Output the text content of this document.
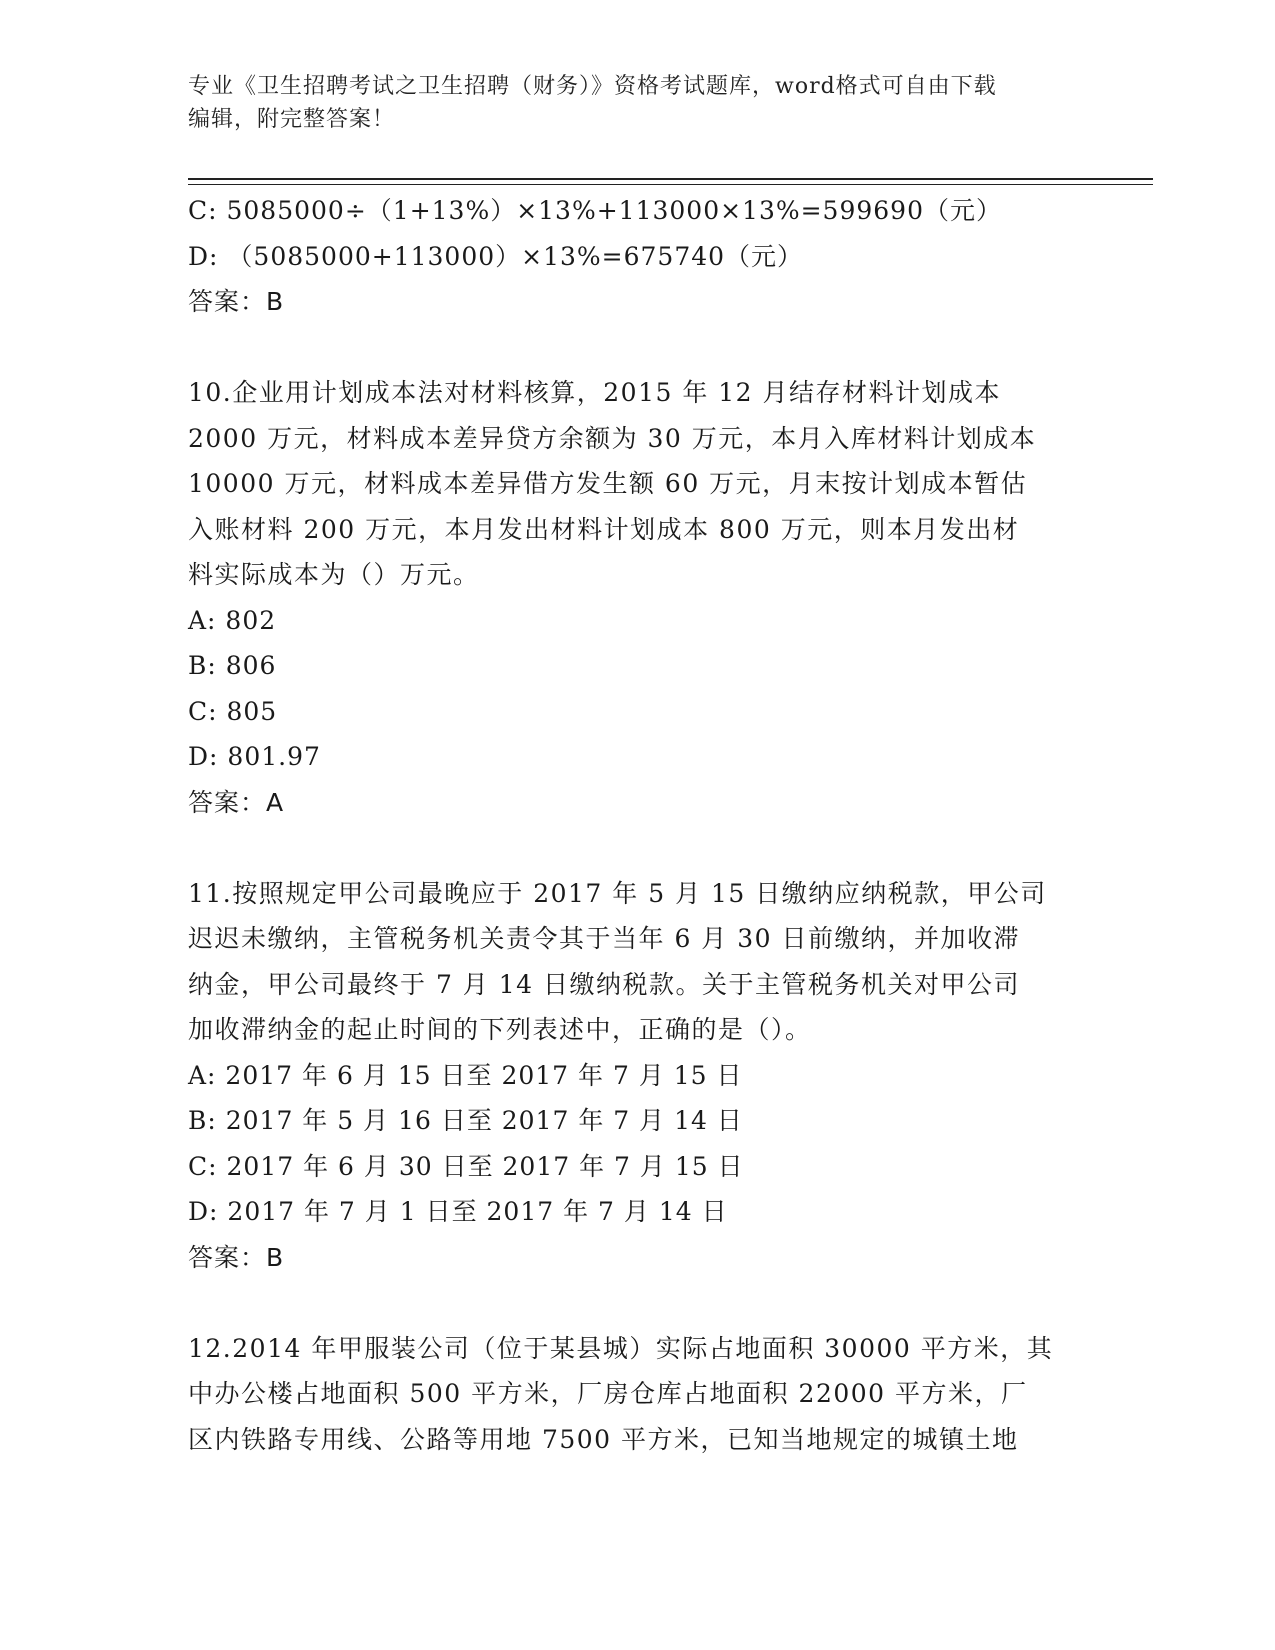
专业《卫生招聘考试之卫生招聘（财务）》资格考试题库，word格式可自由下载
编辑，附完整答案！
C: 5085000÷（1+13%）×13%+113000×13%=599690（元）
D: （5085000+113000）×13%=675740（元）
答案：B
10.企业用计划成本法对材料核算，2015 年 12 月结存材料计划成本
2000 万元，材料成本差异贷方余额为 30 万元，本月入库材料计划成本
10000 万元，材料成本差异借方发生额 60 万元，月末按计划成本暂估
入账材料 200 万元，本月发出材料计划成本 800 万元，则本月发出材
料实际成本为（）万元。
A: 802
B: 806
C: 805
D: 801.97
答案：A
11.按照规定甲公司最晚应于 2017 年 5 月 15 日缴纳应纳税款，甲公司
迟迟未缴纳，主管税务机关责令其于当年 6 月 30 日前缴纳，并加收滞
纳金，甲公司最终于 7 月 14 日缴纳税款。关于主管税务机关对甲公司
加收滞纳金的起止时间的下列表述中，正确的是（）。
A: 2017 年 6 月 15 日至 2017 年 7 月 15 日
B: 2017 年 5 月 16 日至 2017 年 7 月 14 日
C: 2017 年 6 月 30 日至 2017 年 7 月 15 日
D: 2017 年 7 月 1 日至 2017 年 7 月 14 日
答案：B
12.2014 年甲服装公司（位于某县城）实际占地面积 30000 平方米，其
中办公楼占地面积 500 平方米，厂房仓库占地面积 22000 平方米，厂
区内铁路专用线、公路等用地 7500 平方米，已知当地规定的城镇土地
